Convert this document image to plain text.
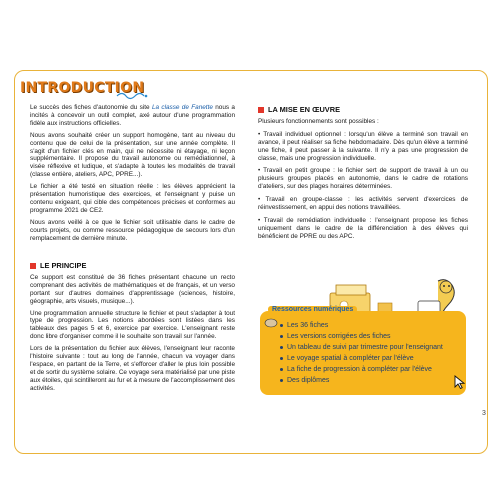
INTRODUCTION

Le succès des fiches d'autonomie du site La classe de Fanette nous a incités à concevoir un outil complet, axé autour d'une programmation fidèle aux instructions officielles.

Nous avons souhaité créer un support homogène, tant au niveau du contenu que de celui de la présentation, sur une année complète. Il s'agit d'un fichier clés en main, qui ne nécessite ni étayage, ni leçon supplémentaire. Il propose du travail autonome ou remédiationnel, à visée réflexive et ludique, et s'adapte à toutes les modalités de travail (classe entière, ateliers, APC, PPRE...).

Le fichier a été testé en situation réelle : les élèves apprécient la présentation humoristique des exercices, et l'enseignant y puise un contenu exigeant, qui cible des compétences précises et conformes au programme 2021 de CE2.

Nous avons veillé à ce que le fichier soit utilisable dans le cadre de courts projets, ou comme ressource pédagogique de secours lors d'un remplacement de dernière minute.

LE PRINCIPE

Ce support est constitué de 36 fiches présentant chacune un recto comprenant des activités de mathématiques et de français, et un verso portant sur d'autres domaines d'apprentissage (sciences, histoire, géographie, arts visuels, musique...).

Une programmation annuelle structure le fichier et peut s'adapter à tout type de progression. Les notions abordées sont listées dans les tableaux des pages 5 et 6, exercice par exercice. L'enseignant reste donc libre d'organiser comme il le souhaite son travail sur l'année.

Lors de la présentation du fichier aux élèves, l'enseignant leur raconte l'histoire suivante : tout au long de l'année, chacun va voyager dans l'espace, en partant de la Terre, et s'efforcer d'aller le plus loin possible et de sortir du système solaire. Ce voyage sera matérialisé par une piste aux étoiles, qui scintilleront au fur et à mesure de l'accomplissement des activités.

LA MISE EN ŒUVRE

Plusieurs fonctionnements sont possibles :

• Travail individuel optionnel : lorsqu'un élève a terminé son travail en avance, il peut réaliser sa fiche hebdomadaire. Dès qu'un élève a terminé une fiche, il peut passer à la suivante. Il n'y a pas une progression de classe, mais une progression individuelle.

• Travail en petit groupe : le fichier sert de support de travail à un ou plusieurs groupes placés en autonomie, dans le cadre de rotations d'ateliers, sur des plages horaires déterminées.

• Travail en groupe-classe : les activités servent d'exercices de réinvestissement, en appui des notions travaillées.

• Travail de remédiation individuelle : l'enseignant propose les fiches uniquement dans le cadre de la différenciation à des élèves qui bénéficient de PPRE ou des APC.

Ressources numériques
Les 36 fiches
Les versions corrigées des fiches
Un tableau de suivi par trimestre pour l'enseignant
Le voyage spatial à compléter par l'élève
La fiche de progression à compléter par l'élève
Des diplômes
3
